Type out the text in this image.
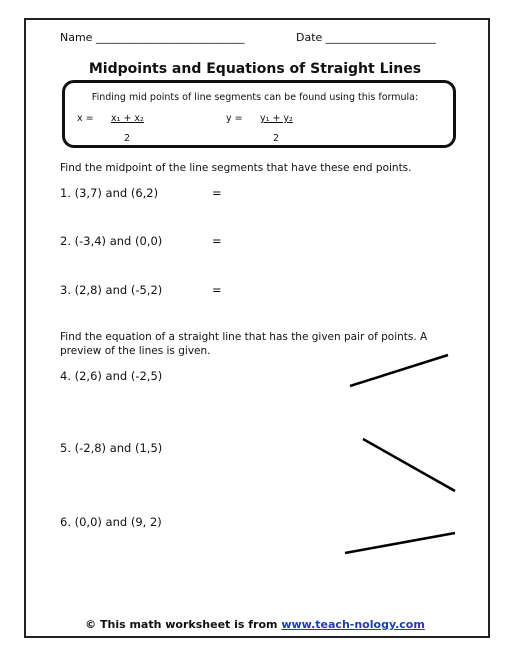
Name ___________________________	Date ____________________
Midpoints and Equations of Straight Lines
Finding mid points of line segments can be found using this formula:
x = x₁ + x₂
2
y = y₁ + y₂
2
Find the midpoint of the line segments that have these end points.
1. (3,7) and (6,2)	=
2. (-3,4) and (0,0)	=
3. (2,8) and (-5,2)	=
Find the equation of a straight line that has the given pair of points. A
preview of the lines is given.
4. (2,6) and (-2,5)
5. (-2,8) and (1,5)
6. (0,0) and (9, 2)
© This math worksheet is from www.teach-nology.com
